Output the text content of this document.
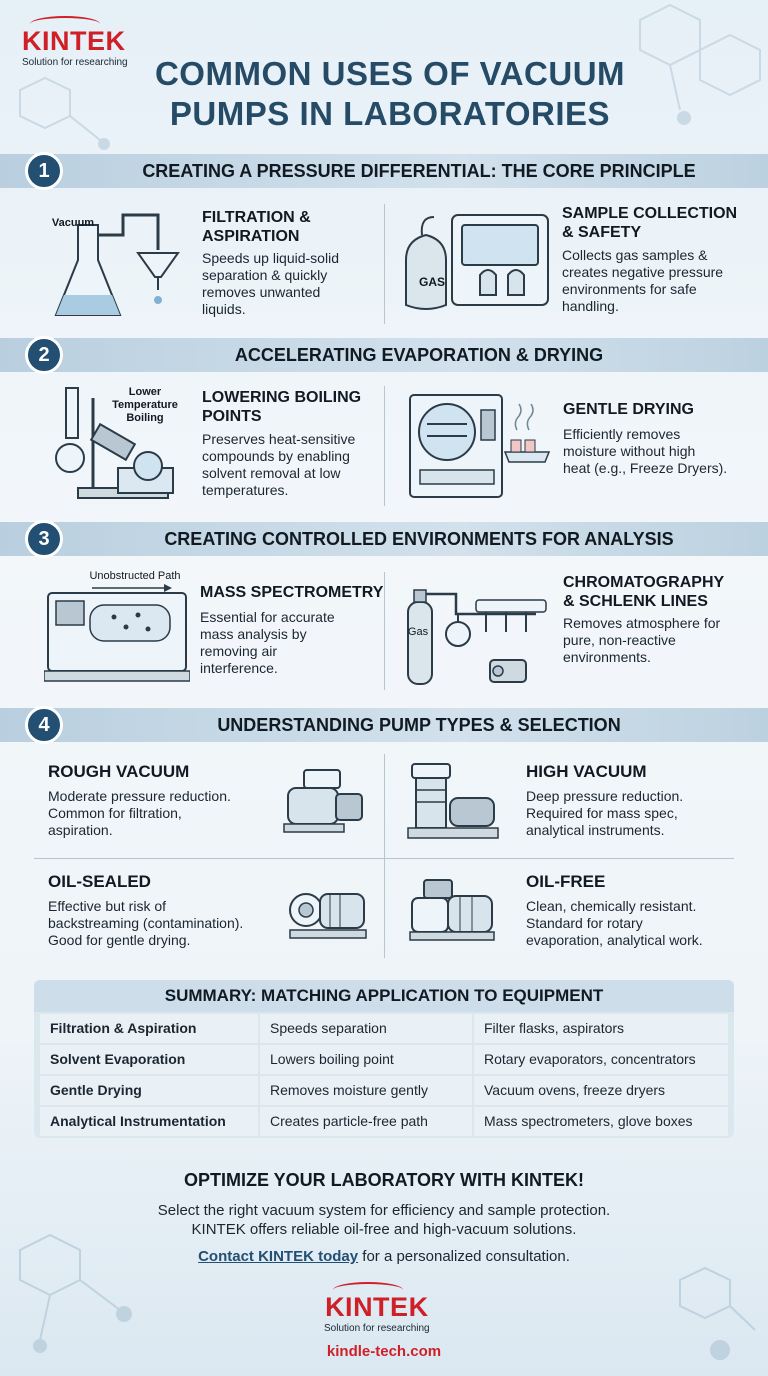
KINTEK
Solution for researching COMMON USES OF VACUUM
PUMPS IN LABORATORIES
1	CREATING A PRESSURE DIFFERENTIAL: THE CORE PRINCIPLE
Vacuum	FILTRATION &
ASPIRATION
Speeds up liquid-solid
separation & quickly
removes unwanted
liquids.
GAS
SAMPLE COLLECTION
& SAFETY
Collects gas samples &
creates negative pressure
environments for safe
handling.
2	ACCELERATING EVAPORATION & DRYING
Lower
Temperature
Boiling
LOWERING BOILING
POINTS
Preserves heat-sensitive
compounds by enabling
solvent removal at low
temperatures.
GENTLE DRYING
Efficiently removes
moisture without high
heat (e.g., Freeze Dryers).
3	CREATING CONTROLLED ENVIRONMENTS FOR ANALYSIS
Unobstructed Path
MASS SPECTROMETRY
Essential for accurate
mass analysis by
removing air
interference.
Gas
CHROMATOGRAPHY
& SCHLENK LINES
Removes atmosphere for
pure, non-reactive
environments.
4	UNDERSTANDING PUMP TYPES & SELECTION
ROUGH VACUUM
Moderate pressure reduction.
Common for filtration,
aspiration.
HIGH VACUUM
Deep pressure reduction.
Required for mass spec,
analytical instruments.
OIL-SEALED
Effective but risk of
backstreaming (contamination).
Good for gentle drying.
OIL-FREE
Clean, chemically resistant.
Standard for rotary
evaporation, analytical work.
SUMMARY: MATCHING APPLICATION TO EQUIPMENT
Filtration & Aspiration	Speeds separation	Filter flasks, aspirators
Solvent Evaporation	Lowers boiling point	Rotary evaporators, concentrators
Gentle Drying	Removes moisture gently	Vacuum ovens, freeze dryers
Analytical Instrumentation	Creates particle-free path	Mass spectrometers, glove boxes
OPTIMIZE YOUR LABORATORY WITH KINTEK!
Select the right vacuum system for efficiency and sample protection.
KINTEK offers reliable oil-free and high-vacuum solutions.
Contact KINTEK today for a personalized consultation.
KINTEK
Solution for researching
kindle-tech.com
